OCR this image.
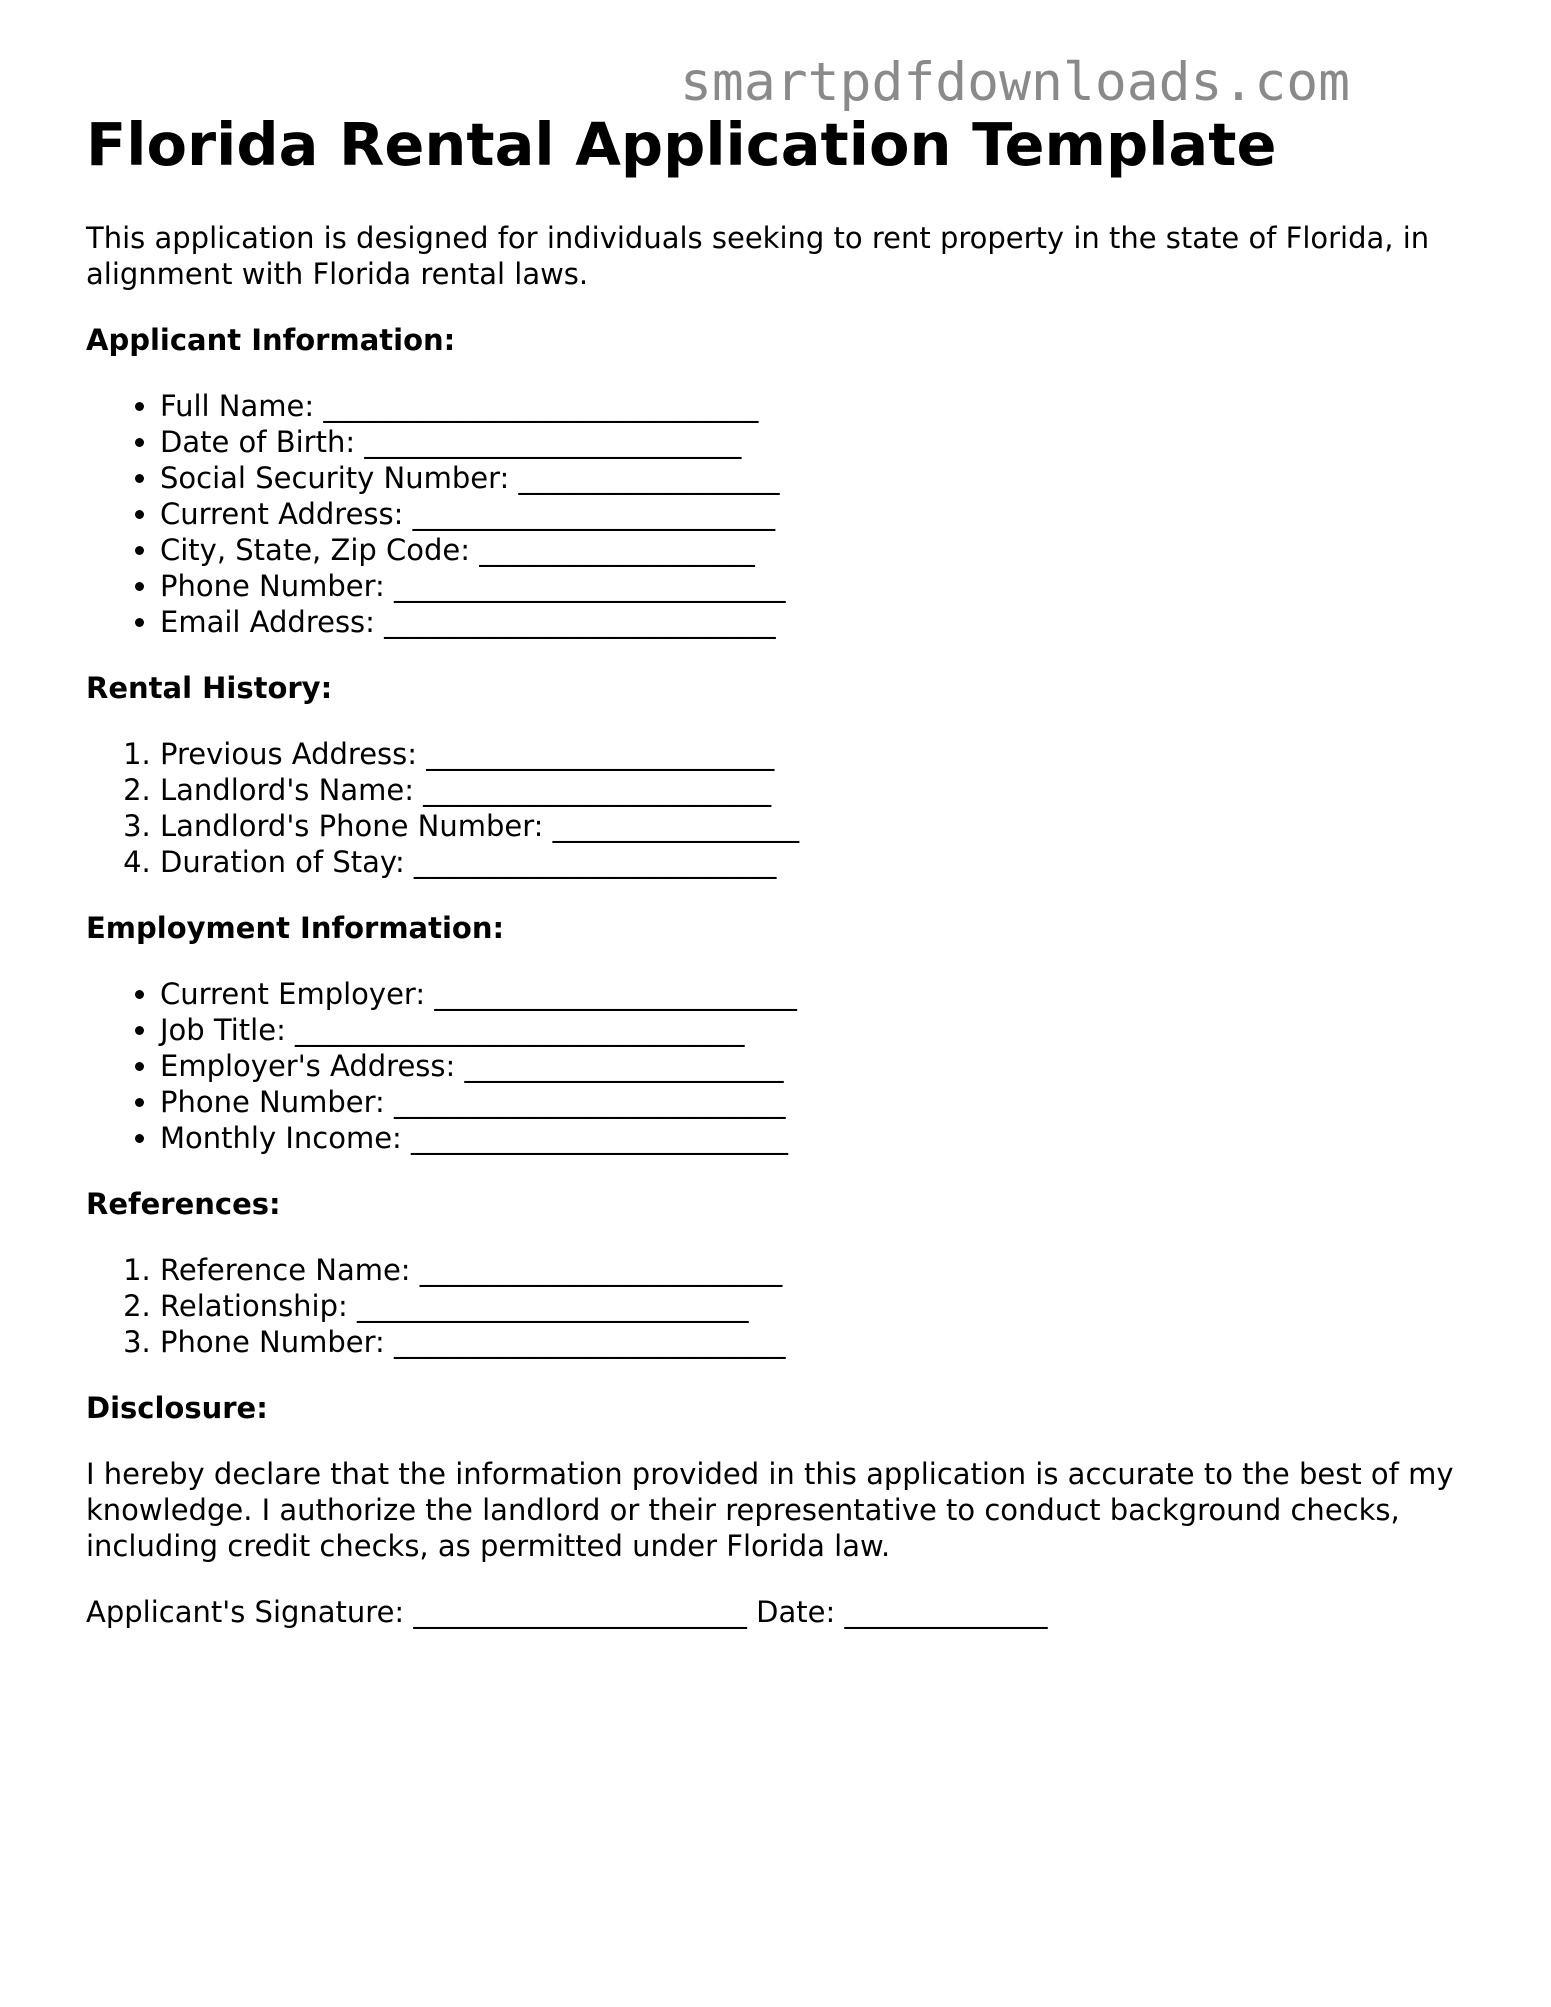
smartpdfdownloads.com
Florida Rental Application Template

This application is designed for individuals seeking to rent property in the state of Florida, in alignment with Florida rental laws.

Applicant Information:
• Full Name: ______________________________
• Date of Birth: __________________________
• Social Security Number: __________________
• Current Address: _________________________
• City, State, Zip Code: ___________________
• Phone Number: ___________________________
• Email Address: ___________________________
Rental History:
1. Previous Address: ________________________
2. Landlord's Name: ________________________
3. Landlord's Phone Number: _________________
4. Duration of Stay: _________________________
Employment Information:
• Current Employer: _________________________
• Job Title: _______________________________
• Employer's Address: ______________________
• Phone Number: ___________________________
• Monthly Income: __________________________
References:
1. Reference Name: _________________________
2. Relationship: ___________________________
3. Phone Number: ___________________________
Disclosure:

I hereby declare that the information provided in this application is accurate to the best of my knowledge. I authorize the landlord or their representative to conduct background checks, including credit checks, as permitted under Florida law.

Applicant's Signature: _______________________ Date: ______________
